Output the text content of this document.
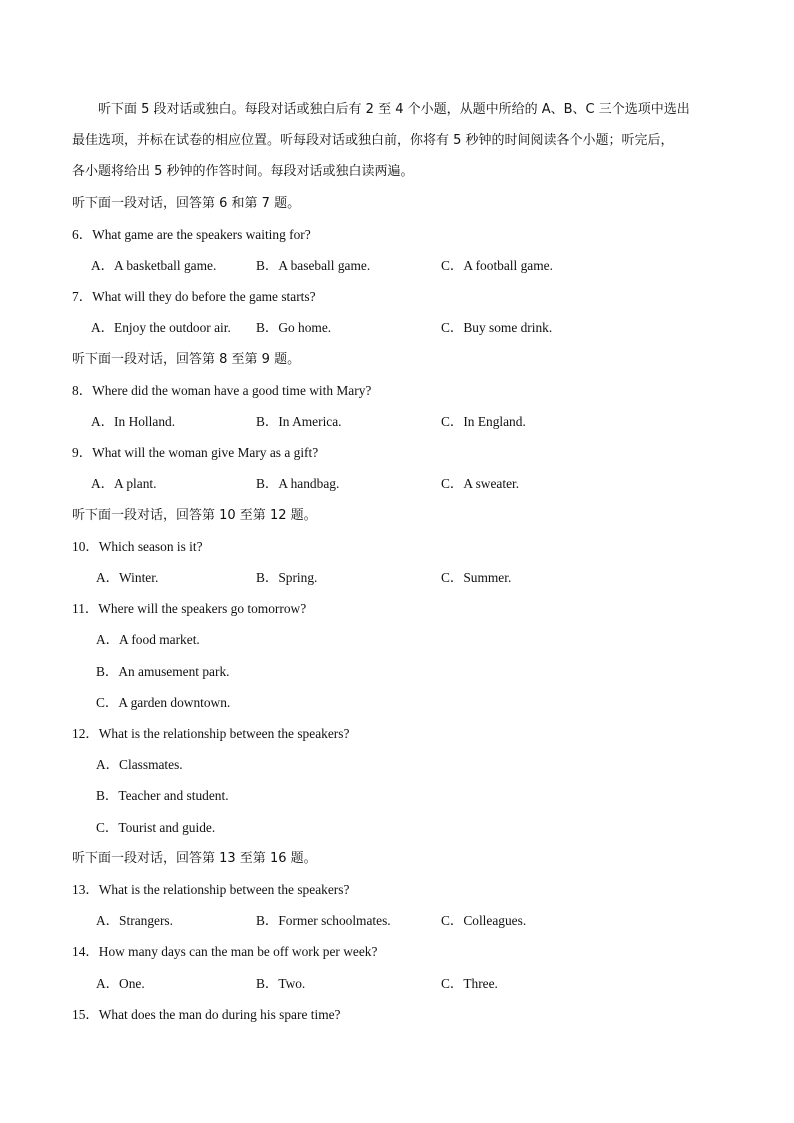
听下面 5 段对话或独白。每段对话或独白后有 2 至 4 个小题，从题中所给的 A、B、C 三个选项中选出
最佳选项，并标在试卷的相应位置。听每段对话或独白前，你将有 5 秒钟的时间阅读各个小题；听完后，
各小题将给出 5 秒钟的作答时间。每段对话或独白读两遍。
听下面一段对话，回答第 6 和第 7 题。
6．What game are the speakers waiting for?
A．A basketball game.	B．A baseball game.	C．A football game.
7．What will they do before the game starts?
A．Enjoy the outdoor air. B．Go home.	C．Buy some drink.
听下面一段对话，回答第 8 至第 9 题。
8．Where did the woman have a good time with Mary?
A．In Holland.	B．In America.	C．In England.
9．What will the woman give Mary as a gift?
A．A plant.	B．A handbag.	C．A sweater.
听下面一段对话，回答第 10 至第 12 题。
10．Which season is it?
A．Winter.	B．Spring.	C．Summer.
11．Where will the speakers go tomorrow?
A．A food market.
B．An amusement park.
C．A garden downtown.
12．What is the relationship between the speakers?
A．Classmates.
B．Teacher and student.
C．Tourist and guide.
听下面一段对话，回答第 13 至第 16 题。
13．What is the relationship between the speakers?
A．Strangers.	B．Former schoolmates.	C．Colleagues.
14．How many days can the man be off work per week?
A．One.	B．Two.	C．Three.
15．What does the man do during his spare time?
